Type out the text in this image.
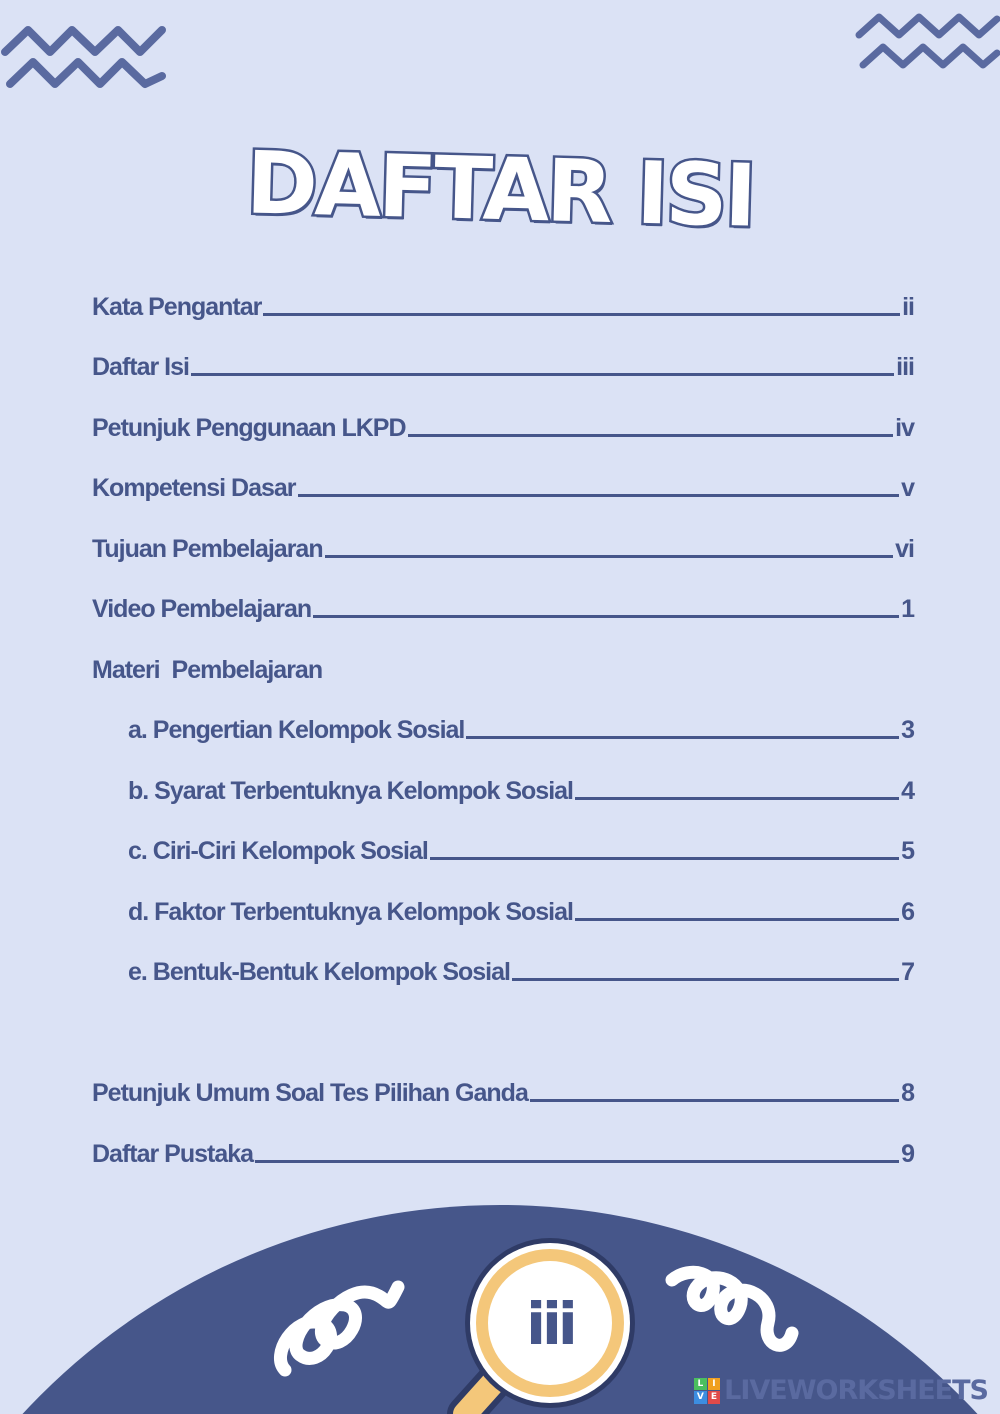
DAFTAR ISI
Kata Pengantar	ii
Daftar Isi	iii
Petunjuk Penggunaan LKPD	iv
Kompetensi Dasar	v
Tujuan Pembelajaran	vi
Video Pembelajaran	1
Materi  Pembelajaran
a. Pengertian Kelompok Sosial	3
b. Syarat Terbentuknya Kelompok Sosial	4
c. Ciri-Ciri Kelompok Sosial	5
d. Faktor Terbentuknya Kelompok Sosial	6
e. Bentuk-Bentuk Kelompok Sosial	7
Petunjuk Umum Soal Tes Pilihan Ganda	8
Daftar Pustaka	9
iii
L I
V E LIVEWORKSHEETS
